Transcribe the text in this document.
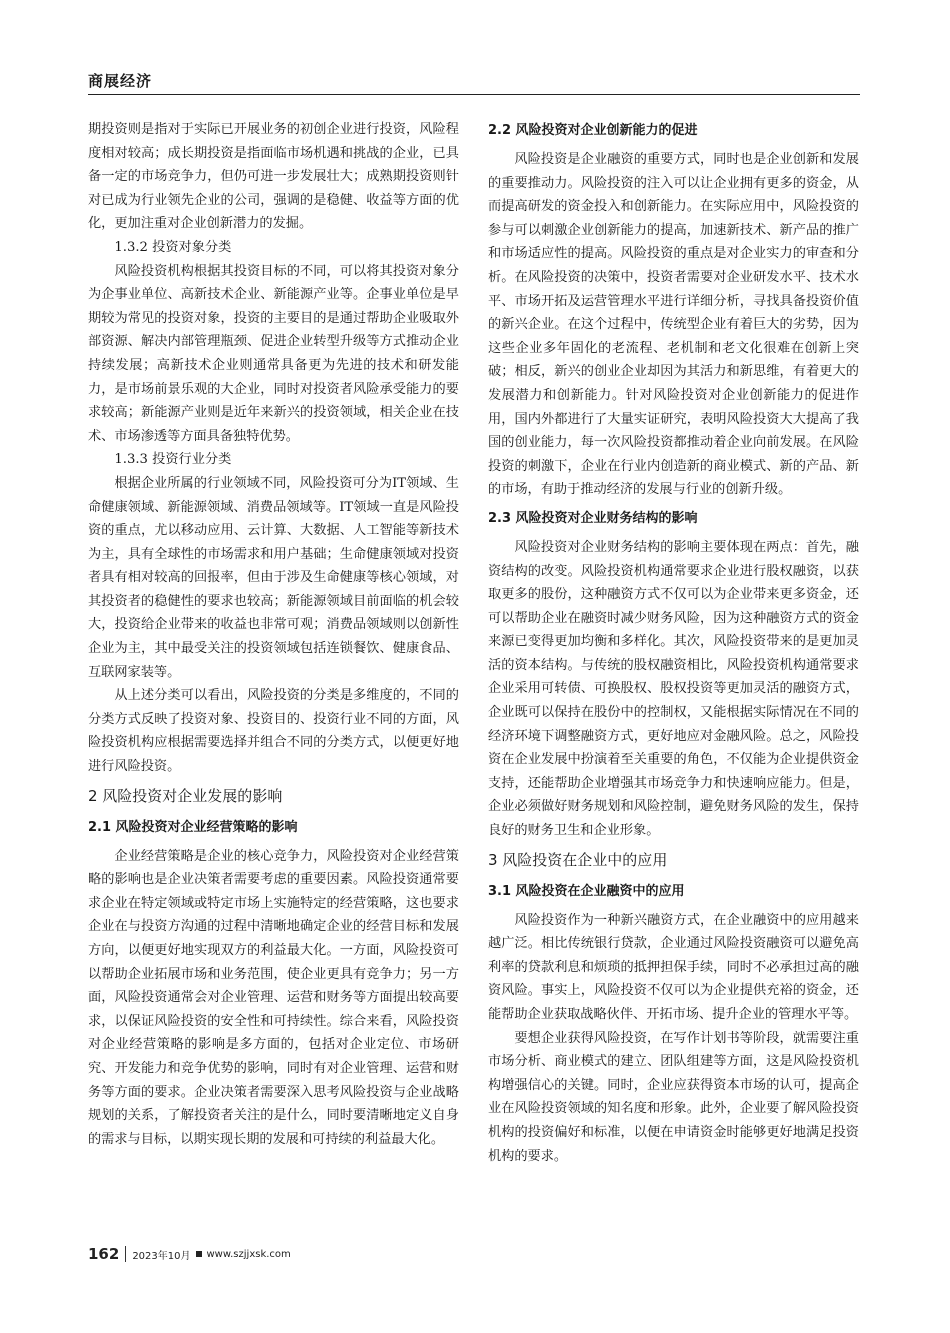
商展经济

期投资则是指对于实际已开展业务的初创企业进行投资，风险程度相对较高；成长期投资是指面临市场机遇和挑战的企业，已具备一定的市场竞争力，但仍可进一步发展壮大；成熟期投资则针对已成为行业领先企业的公司，强调的是稳健、收益等方面的优化，更加注重对企业创新潜力的发掘。

1.3.2 投资对象分类

风险投资机构根据其投资目标的不同，可以将其投资对象分为企事业单位、高新技术企业、新能源产业等。企事业单位是早期较为常见的投资对象，投资的主要目的是通过帮助企业吸取外部资源、解决内部管理瓶颈、促进企业转型升级等方式推动企业持续发展；高新技术企业则通常具备更为先进的技术和研发能力，是市场前景乐观的大企业，同时对投资者风险承受能力的要求较高；新能源产业则是近年来新兴的投资领域，相关企业在技术、市场渗透等方面具备独特优势。

1.3.3 投资行业分类

根据企业所属的行业领域不同，风险投资可分为IT领域、生命健康领域、新能源领域、消费品领域等。IT领域一直是风险投资的重点，尤以移动应用、云计算、大数据、人工智能等新技术为主，具有全球性的市场需求和用户基础；生命健康领域对投资者具有相对较高的回报率，但由于涉及生命健康等核心领域，对其投资者的稳健性的要求也较高；新能源领域目前面临的机会较大，投资给企业带来的收益也非常可观；消费品领域则以创新性企业为主，其中最受关注的投资领域包括连锁餐饮、健康食品、互联网家装等。

从上述分类可以看出，风险投资的分类是多维度的，不同的分类方式反映了投资对象、投资目的、投资行业不同的方面，风险投资机构应根据需要选择并组合不同的分类方式，以便更好地进行风险投资。

2 风险投资对企业发展的影响
2.1 风险投资对企业经营策略的影响

企业经营策略是企业的核心竞争力，风险投资对企业经营策略的影响也是企业决策者需要考虑的重要因素。风险投资通常要求企业在特定领域或特定市场上实施特定的经营策略，这也要求企业在与投资方沟通的过程中清晰地确定企业的经营目标和发展方向，以便更好地实现双方的利益最大化。一方面，风险投资可以帮助企业拓展市场和业务范围，使企业更具有竞争力；另一方面，风险投资通常会对企业管理、运营和财务等方面提出较高要求，以保证风险投资的安全性和可持续性。综合来看，风险投资对企业经营策略的影响是多方面的，包括对企业定位、市场研究、开发能力和竞争优势的影响，同时有对企业管理、运营和财务等方面的要求。企业决策者需要深入思考风险投资与企业战略规划的关系，了解投资者关注的是什么，同时要清晰地定义自身的需求与目标，以期实现长期的发展和可持续的利益最大化。

2.2 风险投资对企业创新能力的促进

风险投资是企业融资的重要方式，同时也是企业创新和发展的重要推动力。风险投资的注入可以让企业拥有更多的资金，从而提高研发的资金投入和创新能力。在实际应用中，风险投资的参与可以刺激企业创新能力的提高，加速新技术、新产品的推广和市场适应性的提高。风险投资的重点是对企业实力的审查和分析。在风险投资的决策中，投资者需要对企业研发水平、技术水平、市场开拓及运营管理水平进行详细分析，寻找具备投资价值的新兴企业。在这个过程中，传统型企业有着巨大的劣势，因为这些企业多年固化的老流程、老机制和老文化很难在创新上突破；相反，新兴的创业企业却因为其活力和新思维，有着更大的发展潜力和创新能力。针对风险投资对企业创新能力的促进作用，国内外都进行了大量实证研究，表明风险投资大大提高了我国的创业能力，每一次风险投资都推动着企业向前发展。在风险投资的刺激下，企业在行业内创造新的商业模式、新的产品、新的市场，有助于推动经济的发展与行业的创新升级。

2.3 风险投资对企业财务结构的影响

风险投资对企业财务结构的影响主要体现在两点：首先，融资结构的改变。风险投资机构通常要求企业进行股权融资，以获取更多的股份，这种融资方式不仅可以为企业带来更多资金，还可以帮助企业在融资时减少财务风险，因为这种融资方式的资金来源已变得更加均衡和多样化。其次，风险投资带来的是更加灵活的资本结构。与传统的股权融资相比，风险投资机构通常要求企业采用可转债、可换股权、股权投资等更加灵活的融资方式，企业既可以保持在股份中的控制权，又能根据实际情况在不同的经济环境下调整融资方式，更好地应对金融风险。总之，风险投资在企业发展中扮演着至关重要的角色，不仅能为企业提供资金支持，还能帮助企业增强其市场竞争力和快速响应能力。但是，企业必须做好财务规划和风险控制，避免财务风险的发生，保持良好的财务卫生和企业形象。

3 风险投资在企业中的应用
3.1 风险投资在企业融资中的应用

风险投资作为一种新兴融资方式，在企业融资中的应用越来越广泛。相比传统银行贷款，企业通过风险投资融资可以避免高利率的贷款利息和烦琐的抵押担保手续，同时不必承担过高的融资风险。事实上，风险投资不仅可以为企业提供充裕的资金，还能帮助企业获取战略伙伴、开拓市场、提升企业的管理水平等。

要想企业获得风险投资，在写作计划书等阶段，就需要注重市场分析、商业模式的建立、团队组建等方面，这是风险投资机构增强信心的关键。同时，企业应获得资本市场的认可，提高企业在风险投资领域的知名度和形象。此外，企业要了解风险投资机构的投资偏好和标准，以便在申请资金时能够更好地满足投资机构的要求。

162 2023年10月 www.szjjxsk.com
